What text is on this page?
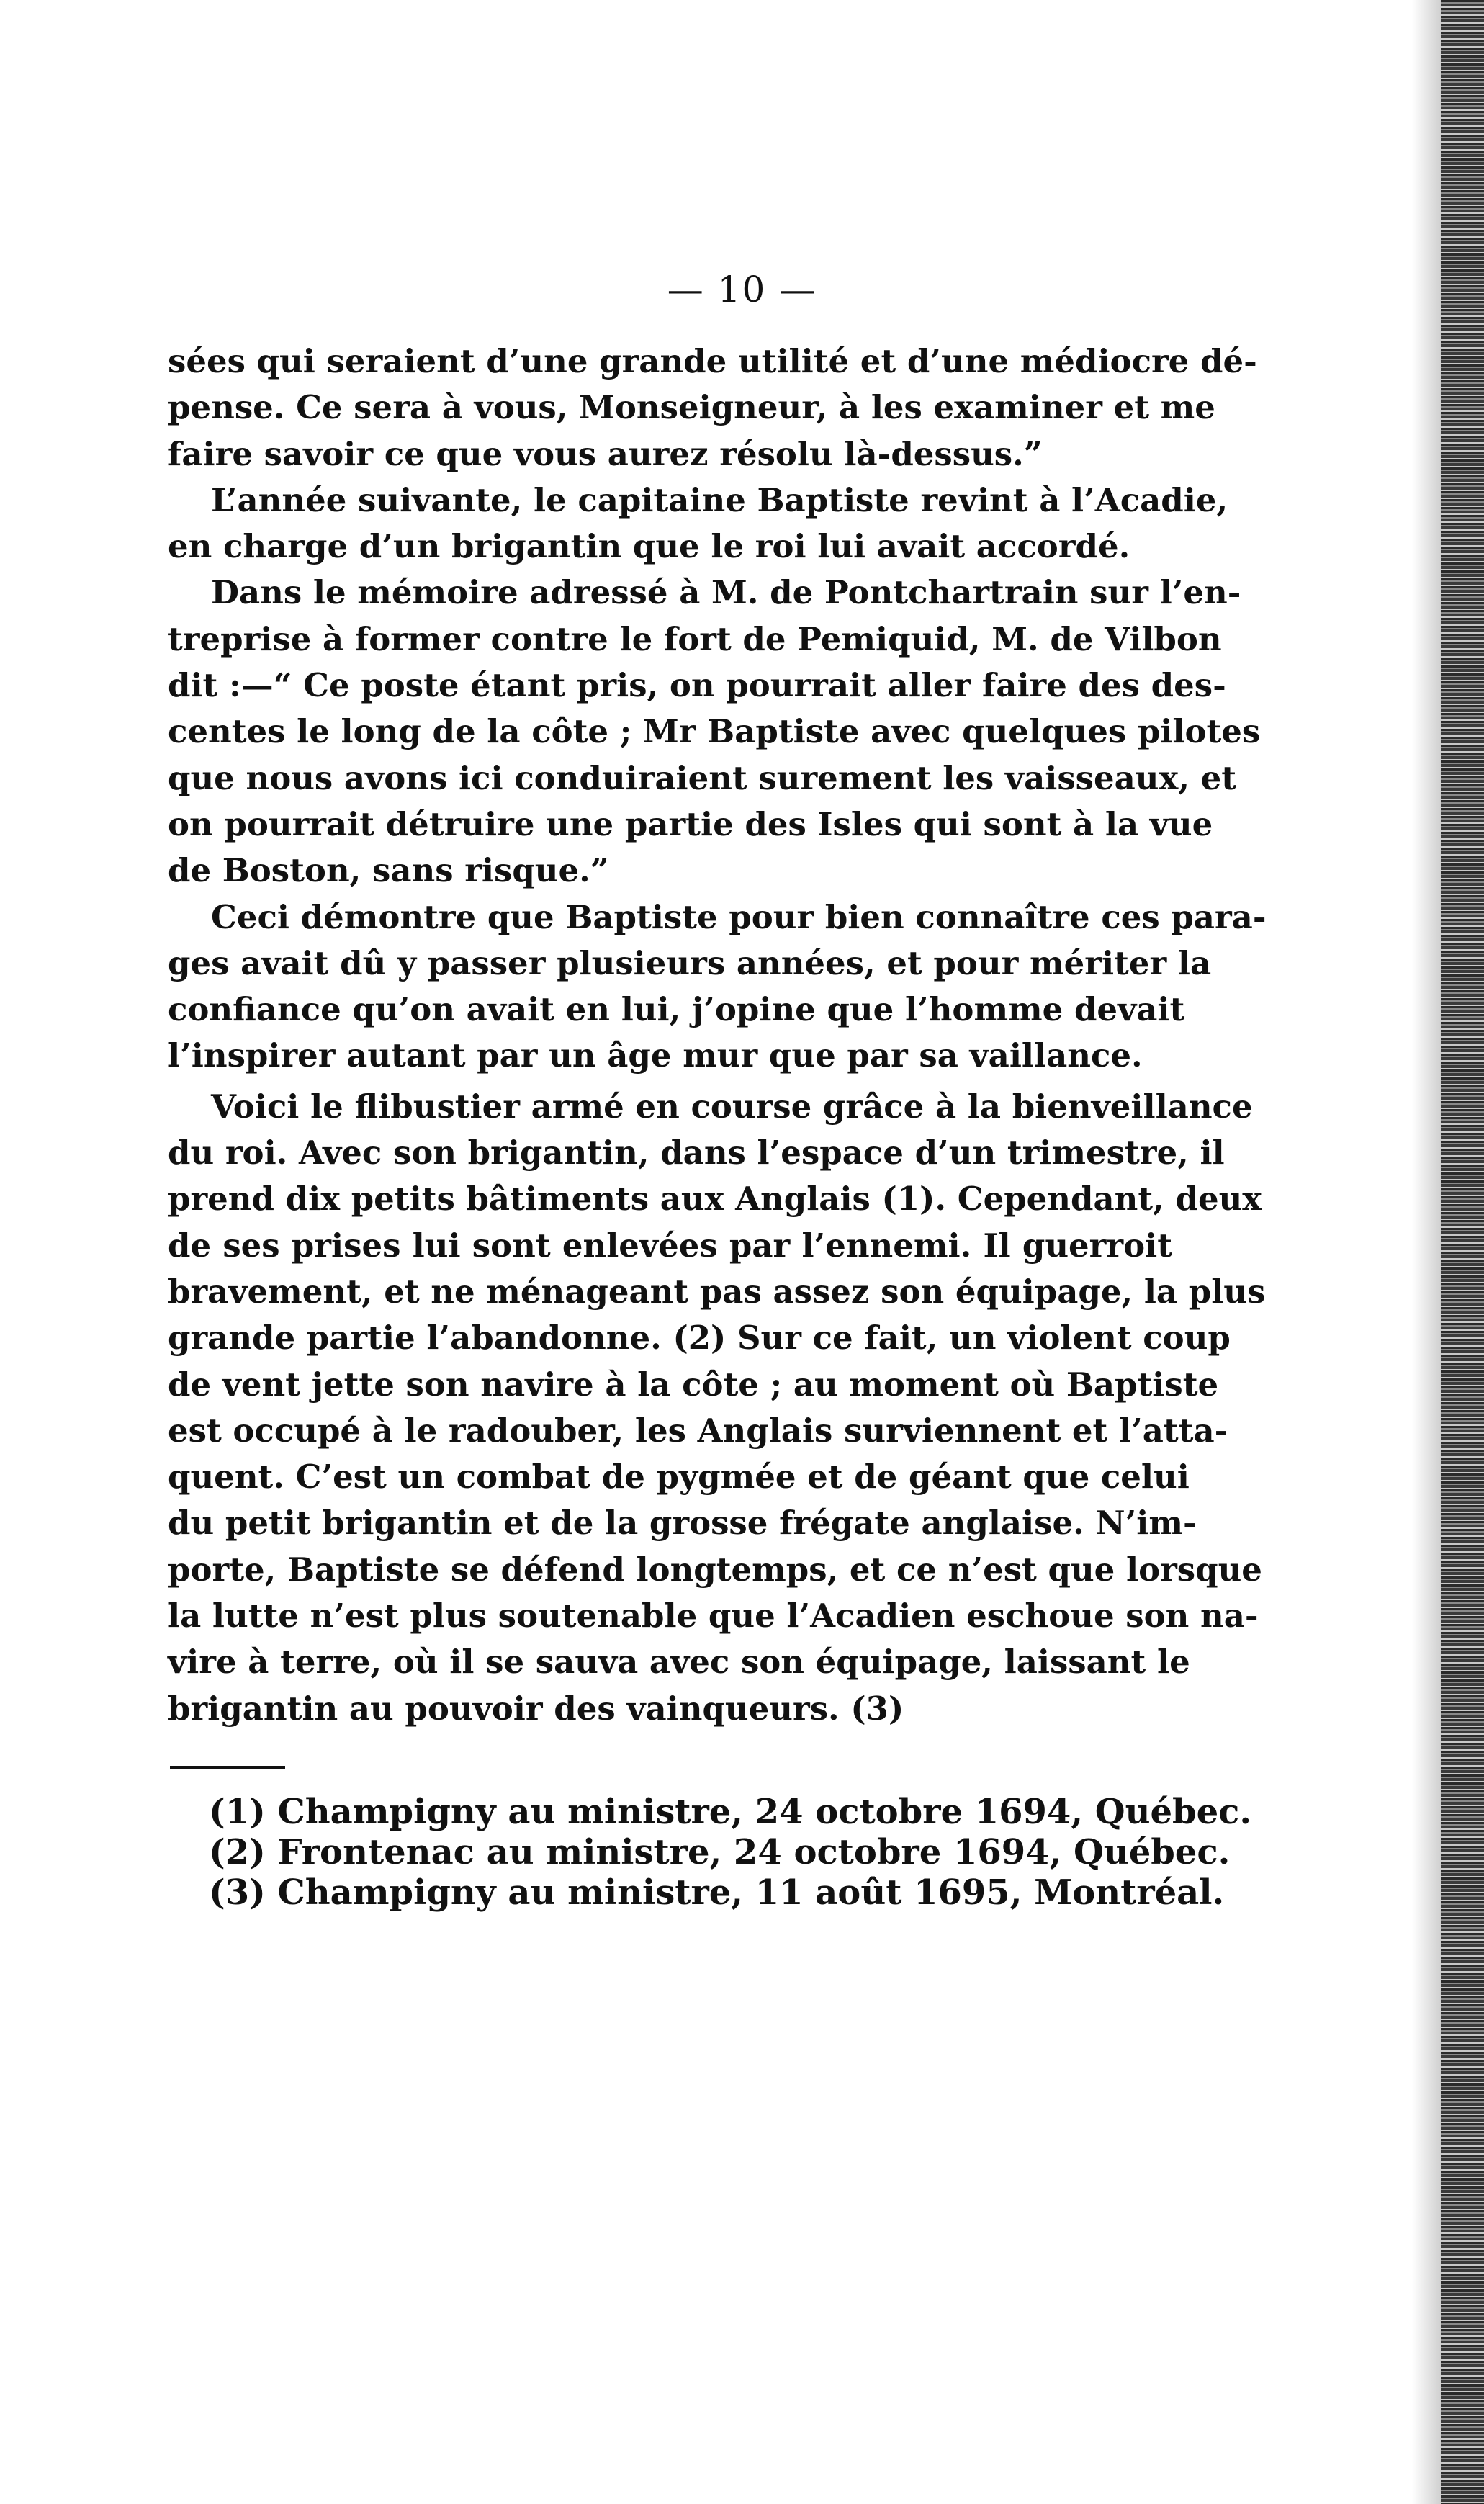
— 10 —
sées qui seraient d’une grande utilité et d’une médiocre dé-
pense. Ce sera à vous, Monseigneur, à les examiner et me
faire savoir ce que vous aurez résolu là-dessus.”
L’année suivante, le capitaine Baptiste revint à l’Acadie,
en charge d’un brigantin que le roi lui avait accordé.
Dans le mémoire adressé à M. de Pontchartrain sur l’en-
treprise à former contre le fort de Pemiquid, M. de Vilbon
dit :—“ Ce poste étant pris, on pourrait aller faire des des-
centes le long de la côte ; Mr Baptiste avec quelques pilotes
que nous avons ici conduiraient surement les vaisseaux, et
on pourrait détruire une partie des Isles qui sont à la vue
de Boston, sans risque.”
Ceci démontre que Baptiste pour bien connaître ces para-
ges avait dû y passer plusieurs années, et pour mériter la
confiance qu’on avait en lui, j’opine que l’homme devait
l’inspirer autant par un âge mur que par sa vaillance.
Voici le flibustier armé en course grâce à la bienveillance
du roi. Avec son brigantin, dans l’espace d’un trimestre, il
prend dix petits bâtiments aux Anglais (1). Cependant, deux
de ses prises lui sont enlevées par l’ennemi. Il guerroit
bravement, et ne ménageant pas assez son équipage, la plus
grande partie l’abandonne. (2) Sur ce fait, un violent coup
de vent jette son navire à la côte ; au moment où Baptiste
est occupé à le radouber, les Anglais surviennent et l’atta-
quent. C’est un combat de pygmée et de géant que celui
du petit brigantin et de la grosse frégate anglaise. N’im-
porte, Baptiste se défend longtemps, et ce n’est que lorsque
la lutte n’est plus soutenable que l’Acadien eschoue son na-
vire à terre, où il se sauva avec son équipage, laissant le
brigantin au pouvoir des vainqueurs. (3)
(1) Champigny au ministre, 24 octobre 1694, Québec.
(2) Frontenac au ministre, 24 octobre 1694, Québec.
(3) Champigny au ministre, 11 août 1695, Montréal.
